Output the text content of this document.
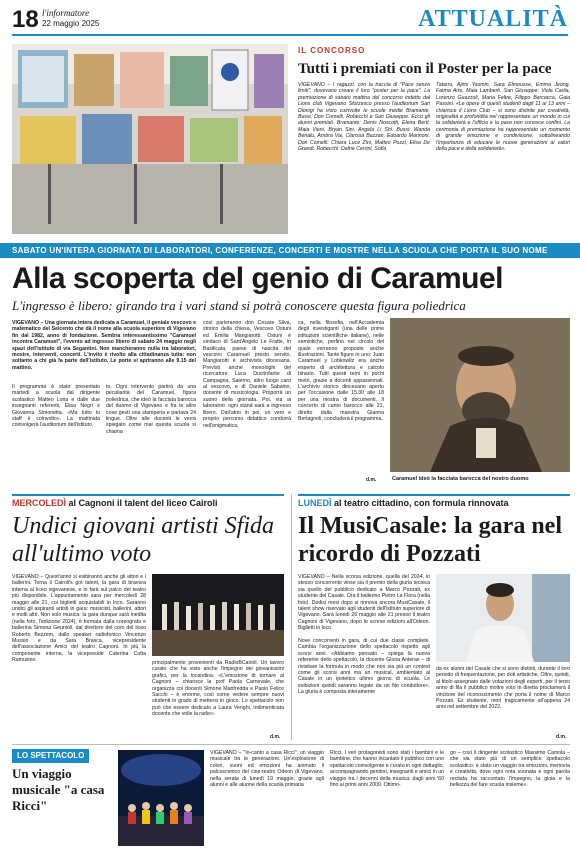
18 l'informatore
22 maggio 2025	ATTUALITÀ
IL CONCORSO
Tutti i premiati con il Poster per la pace
VIGEVANO – I ragazzi, con la traccia di "Pace senza limiti", dovevano creare il loro "poster per la pace". La premiazione di sabato mattina del concorso indetto dal Lions club Vigevano Sforzesco presso l'auditorium San Dionigi ha visto coinvolte le scuole medie Bramante, Bussi, Don Comelli, Robecchi e San Giuseppe. Ecco gli alunni premiati. Bramante: Denis Noscotti, Elena Berti, Maia Vieni, Bryan Sini, Angela Li Shi. Bussi: Wanda Benalu, Ambra Vai, Clarissa Bazzan, Edoardo Marinoni. Don Comelli: Chiara Luce Zini, Matteo Pozzi, Elisa De Grandi. Robecchi: Dafne Cerrini, Sofia
Tatarru, Ajimi Yasmin, Sara Elmousse, Emma Jeong, Fatma Arte, Maia Lamberti. San Giuseppe: Viola Carlia, Lorenzo Guazzoli, Maria Feltre, Filippo Barcacca, Gaia Passini. «Le opere di questi studenti dagli 11 ai 13 anni – chiarisce il Lions Club – si sono distinte per creatività, originalità e profondità nel rappresentare un mondo in cui la solidarietà e l'ufficio e la pace non conosce confini. La cerimonia di premiazione ha rappresentato un momento di grande emozione e condivisione, sottolineando l'importanza di educare le nuove generazioni ai valori della pace e della solidarietà».
SABATO UN'INTERA GIORNATA DI LABORATORI, CONFERENZE, CONCERTI E MOSTRE NELLA SCUOLA CHE PORTA IL SUO NOME
Alla scoperta del genio di Caramuel
L'ingresso è libero: girando tra i vari stand si potrà conoscere questa figura poliedrica
VIGEVANO – Una giornata intera dedicata a Caramuel, il geniale vescovo e matematico del Seicento che dà il nome alla scuola superiore di Vigevano fin dal 1982, anno di fondazione. Sembra interessantissimo "Caramuel incontra Caramuel", l'evento ad ingresso libero di sabato 24 maggio negli spazi dell'istituto di via Segantini. Non mancheranno nulla tra laboratori, mostre, interventi, concerti. L'invito è rivolto alla cittadinanza tutta: non soltanto a chi già fa parte dell'istituto. Le porte si apriranno alle 9.15 del mattino.
Il programma è stato presentato martedì a scuola dal dirigente scolastico Matteo Loria e dalle due insegnanti referenti, Elisa Negri e Giovanna Simonetta. «Ma tutto lo staff è coinvolto». La mattinata coinvolgerà l'auditorium dell'istituto.
to. Ogni intervento partirà da una peculiarità del Caramuel, figura poliedrica, che ideò la facciata barocca del duomo di Vigevano e fra le altre cose gestì una stamperia e parlava 24 lingue. Oltre alle docenti le verrà spiegato come mai questa scuola si chiama
così parleranno don Cesare Silva, storico della chiesa, Vescovo Ostuni ed Emilia Mangiarotti. Ostuni è sindaco di Sant'Angelo Le Fratte, in Basilicata, paese di nascita del vescovo Caramuel presto servito. Mangiarotti è archivista diocesana. Previsti anche monologhi del ricercatore Luca Ducrinfante di Campagna, Salerno, altro luogo caro al vescovo, e di Daniele Sabaino, docente di musicologia. Proporrà un suono della giornata. Poi, via ai laboratori: ogni stand sarà a ingresso libero. Dall'atrio in poi, un vero e proprio percorso didattico condurrà nell'enigmatica,
ca, nella filosofia, nell'Accademia degli investiganti (una delle prime istituzioni scientifiche italiane), nelle semiotiche, perfino nel circolo del quale verranno proposte anche illustrazioni. Tante figure in uno: Juan Caramuel y Lobkowitz era anche esperto di architettura e calcolo binario. Tutti questi temi in pochi metri, grazie a docenti appassionati. L'archivio storico diocesano aperto per l'occasione dalle 15.30 alle 18 per una mostra di documenti. Il concerto di canto barocco alle 21, diretto dalla maestra Gianna Bertagnoli, concluderà il programma.
d.m.	Caramuel ideò la facciata barocca del nostro duomo
MERCOLEDÌ al Cagnoni il talent del liceo Cairoli	LUNEDÌ al teatro cittadino, con formula rinnovata
Undici giovani artisti Sfida all'ultimo voto
VIGEVANO – Quest'anno si esibiranno anche gli attori e i ballerini. Torna il Cairoli's got talent, la gara di bravura interna al liceo vigevanese, e lo farà sul palco del teatro più disponibile. L'appuntamento sara per mercoledì 28 maggio alle 21, coi biglietti acquistabili in loco. Saranno undici gli aspiranti artisti in gara: musicisti, ballerini, attori e molti altri. Non solo musica: la gara dunque sarà inedita (nella foto, l'edizione 2024), è formata dalla coreografa e ballerina Simona Geunioli, dal direttore del coro del liceo Roberto Bezzem, dallo speaker radiofonico Vincenzo Mussio e da Sara Brasca, vicepresidente dell'associazione Amici del teatro Cagnoni. In più la componente interna, la vicepreside Caterina Cotta Ramusino.	principalmente provenienti da RadioBCairoli. Un lavoro curato che ha visto anche l'impegno dei giovanissimi grafici, per la locandina. «L'emozione di tornare al Cagnoni – chiarisce la prof Paola Carnevale, che organizza coi docenti Simone Manfredda e Paolo Felice Sacchi – è enorme, così come vedere sempre nuovi studenti in grado di mettersi in gioco. Lo spettacolo non può che essere dedicato a Laura Venghi, indimenticata docente che volle la radio».
d.m.
Il MusiCasale: la gara nel ricordo di Pozzati
VIGEVANO – Nella scorsa edizione, quella del 2024, lo stesso concorrente vinse sia il premio della giuria tecnica sia quello del pubblico dedicato a Marco Pozzati, ex studente del Casale. Ora il ballerino Pietro La Flora (nella foto). Dodici mesi dopo si rinnova ancora MusiCasale, il talent show riservato agli studenti dell'istituto superiore di Vigevano. Sarà lunedì 26 maggio alle 21 presso il teatro Cagnoni di Vigevano, dopo le scorse edizioni all'Odeon. Biglietti in loco.
Nove concorrenti in gara, di cui due classi complete. Cambia l'organizzazione dello spettacolo rispetto agli scorsi anni. «Abbiamo pensato – spiega la nuova referente dello spettacolo, la docente Gloria Anteras – di rivisitare la formula in modo che non sia più un contest come gli scorsi anni ma un musical, ambientato al Casale in un ipotetico ultimo giorno di scuola. Le esibizioni quindi saranno legate da un filo conduttore». La giuria è composta interamente
da ex alunni del Casale che si sono distinti, durante il loro periodo di frequentazione, per doti artistiche. Oltre, quindi, al titolo assegnato dalle votazioni degli esperti, per il terzo anno di fila il pubblico inoltre voto in diretta proclamerà il vincitore del riconoscimento che porta il nome di Marco Pozzati. Ex studente, morì tragicamente all'appena 24 anni nel settembre del 2022.
d.m.
LO SPETTACOLO
Un viaggio musicale "a casa Ricci"
VIGEVANO – "In-canto a casa Ricci": un viaggio musicale tra le generazioni. Un'esplosione di colori, suoni ed emozioni ha animato il palcoscenico del cine-teatro Odeon di Vigevano, nella serata di lunedì 19 maggio, grazie agli alunni e alle alunne della scuola primaria
Ricci. I veri protagonisti sono stati i bambini e le bambine, che hanno incantato il pubblico con uno spettacolo coinvolgente e curato in ogni dettaglio, accompagnando genitori, insegnanti e amici in un viaggio tra i decenni della musica: dagli anni '60 fino ai primi anni 2000. Ottimo-
go – così il dirigente scolastico Massimo Camola – che sia stato più di un semplice spettacolo scolastico: è stato un viaggio tra emozioni, memoria e creatività, dove ogni nota suonata e ogni parola recitata ha raccontato l'impegno, la gioia e la bellezza del fare scuola insieme».
